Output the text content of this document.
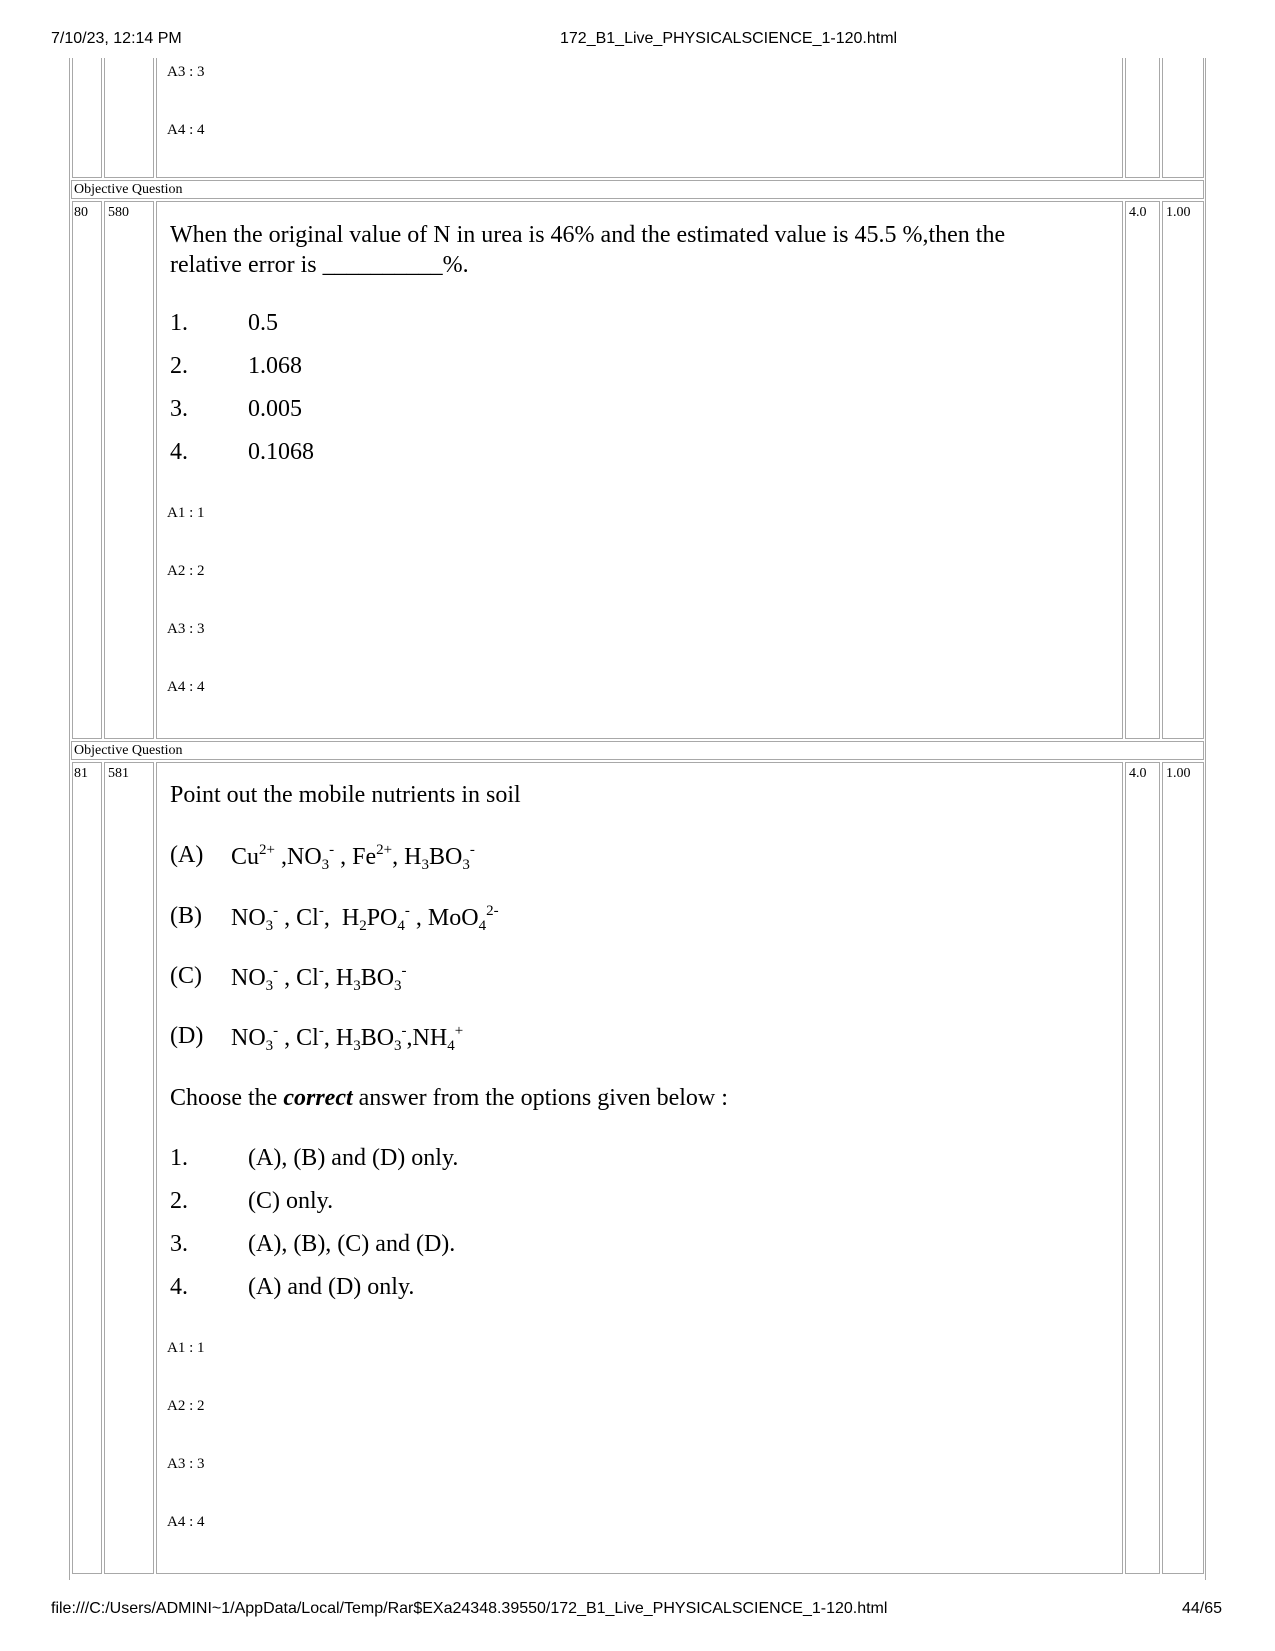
7/10/23, 12:14 PM	172_B1_Live_PHYSICALSCIENCE_1-120.html
file:///C:/Users/ADMINI~1/AppData/Local/Temp/Rar$EXa24348.39550/172_B1_Live_PHYSICALSCIENCE_1-120.html	44/65
A3 : 3
A4 : 4
Objective Question
80 580	4.0 1.00
When the original value of N in urea is 46% and the estimated value is 45.5 %,then the
relative error is __________%.
1.	0.5
2.	1.068
3.	0.005
4.	0.1068
A1 : 1
A2 : 2
A3 : 3
A4 : 4
Objective Question
81 581	4.0 1.00
Point out the mobile nutrients in soil
(A) $Cu^{2+}$ $,NO_3^-$ , $Fe^{2+}$, $H_3BO_3^-$
(B) $NO_3^-$ , Cl-,  $H_2PO_4^-$ , MoO$_4^{2-}$
(C) $NO_3^-$ , Cl-, $H_3BO_3^-$
(D) $NO_3^-$ , Cl-, $H_3BO_3^-,NH_4^+$
Choose the correct answer from the options given below :
1.	(A), (B) and (D) only.
2.	(C) only.
3.	(A), (B), (C) and (D).
4.	(A) and (D) only.
A1 : 1
A2 : 2
A3 : 3
A4 : 4
